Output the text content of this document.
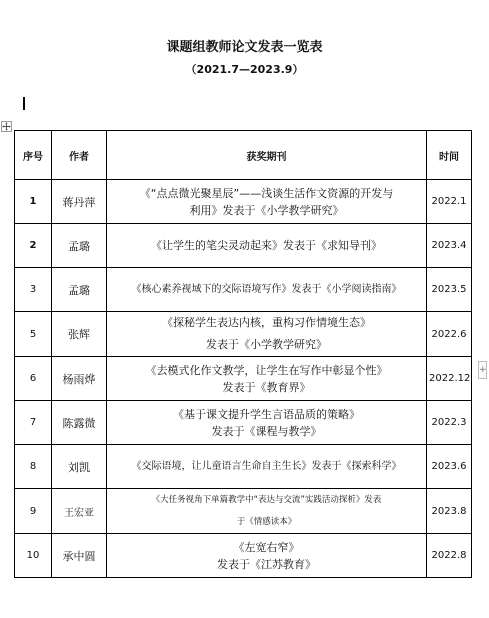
课题组教师论文发表一览表
（2021.7—2023.9）
+
序号	作者	获奖期刊	时间
1	蒋丹萍	《“点点微光聚星辰”——浅谈生活作文资源的开发与
利用》发表于《小学教学研究》	2022.1
2	孟璐	《让学生的笔尖灵动起来》发表于《求知导刊》	2023.4
3	孟璐	《核心素养视域下的交际语境写作》发表于《小学阅读指南》	2023.5
5	张辉	《探秘学生表达内核，重构习作情境生态》
发表于《小学教学研究》	2022.6
6	杨雨烨	《去模式化作文教学，让学生在写作中彰显个性》
发表于《教育界》	2022.12
7	陈露微	《基于课文提升学生言语品质的策略》
发表于《课程与教学》	2022.3
8	刘凯	《交际语境，让儿童语言生命自主生长》发表于《探索科学》	2023.6
9	王宏亚	《大任务视角下单篇教学中“表达与交流”实践活动探析》发表
于《情感读本》	2023.8
10	承中圆	《左宽右窄》
发表于《江苏教育》	2022.8
